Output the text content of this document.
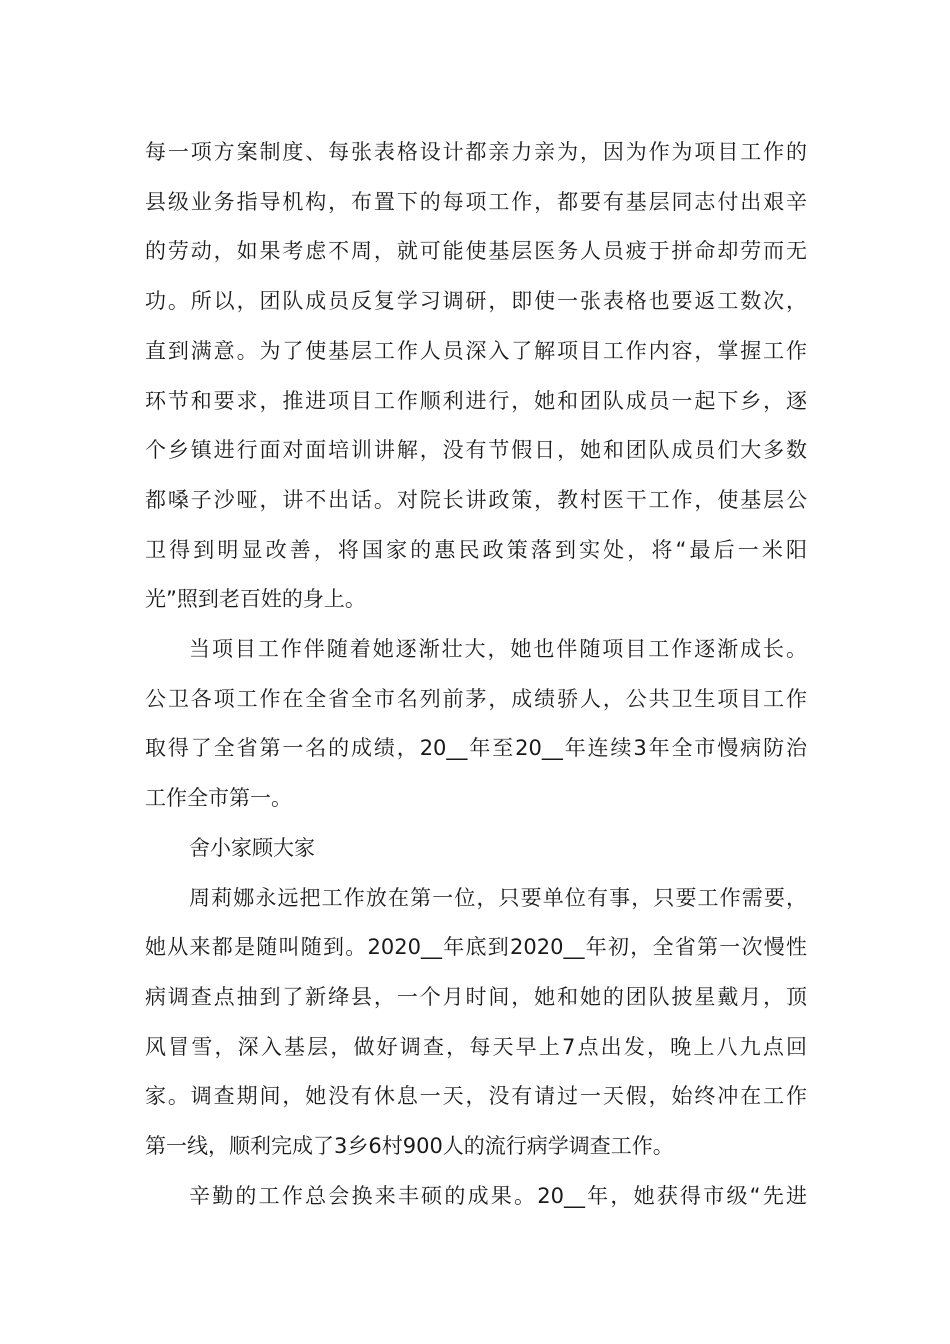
每一项方案制度、每张表格设计都亲力亲为，因为作为项目工作的
县级业务指导机构，布置下的每项工作，都要有基层同志付出艰辛
的劳动，如果考虑不周，就可能使基层医务人员疲于拼命却劳而无
功。所以，团队成员反复学习调研，即使一张表格也要返工数次，
直到满意。为了使基层工作人员深入了解项目工作内容，掌握工作
环节和要求，推进项目工作顺利进行，她和团队成员一起下乡，逐
个乡镇进行面对面培训讲解，没有节假日，她和团队成员们大多数
都嗓子沙哑，讲不出话。对院长讲政策，教村医干工作，使基层公
卫得到明显改善，将国家的惠民政策落到实处，将“最后一米阳
光”照到老百姓的身上。
当项目工作伴随着她逐渐壮大，她也伴随项目工作逐渐成长。
公卫各项工作在全省全市名列前茅，成绩骄人，公共卫生项目工作
取得了全省第一名的成绩，20__年至20__年连续3年全市慢病防治
工作全市第一。
舍小家顾大家
周莉娜永远把工作放在第一位，只要单位有事，只要工作需要，
她从来都是随叫随到。2020__年底到2020__年初，全省第一次慢性
病调查点抽到了新绛县，一个月时间，她和她的团队披星戴月，顶
风冒雪，深入基层，做好调查，每天早上7点出发，晚上八九点回
家。调查期间，她没有休息一天，没有请过一天假，始终冲在工作
第一线，顺利完成了3乡6村900人的流行病学调查工作。
辛勤的工作总会换来丰硕的成果。20__年，她获得市级“先进
